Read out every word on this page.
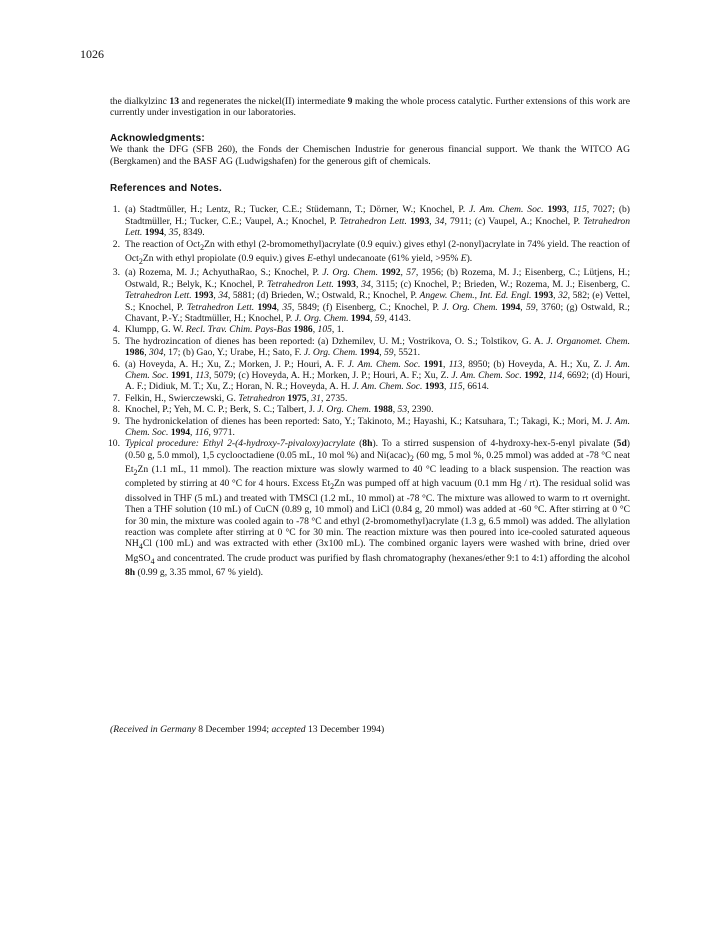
1026

the dialkylzinc 13 and regenerates the nickel(II) intermediate 9 making the whole process catalytic. Further extensions of this work are currently under investigation in our laboratories.

Acknowledgments:

We thank the DFG (SFB 260), the Fonds der Chemischen Industrie for generous financial support. We thank the WITCO AG (Bergkamen) and the BASF AG (Ludwigshafen) for the generous gift of chemicals.

References and Notes.
1. (a) Stadtmüller, H.; Lentz, R.; Tucker, C.E.; Stüdemann, T.; Dörner, W.; Knochel, P. J. Am. Chem. Soc. 1993, 115, 7027; (b) Stadtmüller, H.; Tucker, C.E.; Vaupel, A.; Knochel, P. Tetrahedron Lett. 1993, 34, 7911; (c) Vaupel, A.; Knochel, P. Tetrahedron Lett. 1994, 35, 8349.
2. The reaction of Oct$_2$Zn with ethyl (2-bromomethyl)acrylate (0.9 equiv.) gives ethyl (2-nonyl)acrylate in 74% yield. The reaction of Oct$_2$Zn with ethyl propiolate (0.9 equiv.) gives E-ethyl undecanoate (61% yield, >95% E).
3. (a) Rozema, M. J.; AchyuthaRao, S.; Knochel, P. J. Org. Chem. 1992, 57, 1956; (b) Rozema, M. J.; Eisenberg, C.; Lütjens, H.; Ostwald, R.; Belyk, K.; Knochel, P. Tetrahedron Lett. 1993, 34, 3115; (c) Knochel, P.; Brieden, W.; Rozema, M. J.; Eisenberg, C. Tetrahedron Lett. 1993, 34, 5881; (d) Brieden, W.; Ostwald, R.; Knochel, P. Angew. Chem., Int. Ed. Engl. 1993, 32, 582; (e) Vettel, S.; Knochel, P. Tetrahedron Lett. 1994, 35, 5849; (f) Eisenberg, C.; Knochel, P. J. Org. Chem. 1994, 59, 3760; (g) Ostwald, R.; Chavant, P.-Y.; Stadtmüller, H.; Knochel, P. J. Org. Chem. 1994, 59, 4143.
4. Klumpp, G. W. Recl. Trav. Chim. Pays-Bas 1986, 105, 1.
5. The hydrozincation of dienes has been reported: (a) Dzhemilev, U. M.; Vostrikova, O. S.; Tolstikov, G. A. J. Organomet. Chem. 1986, 304, 17; (b) Gao, Y.; Urabe, H.; Sato, F. J. Org. Chem. 1994, 59, 5521.
6. (a) Hoveyda, A. H.; Xu, Z.; Morken, J. P.; Houri, A. F. J. Am. Chem. Soc. 1991, 113, 8950; (b) Hoveyda, A. H.; Xu, Z. J. Am. Chem. Soc. 1991, 113, 5079; (c) Hoveyda, A. H.; Morken, J. P.; Houri, A. F.; Xu, Z. J. Am. Chem. Soc. 1992, 114, 6692; (d) Houri, A. F.; Didiuk, M. T.; Xu, Z.; Horan, N. R.; Hoveyda, A. H. J. Am. Chem. Soc. 1993, 115, 6614.
7. Felkin, H., Swierczewski, G. Tetrahedron 1975, 31, 2735.
8. Knochel, P.; Yeh, M. C. P.; Berk, S. C.; Talbert, J. J. Org. Chem. 1988, 53, 2390.
9. The hydronickelation of dienes has been reported: Sato, Y.; Takinoto, M.; Hayashi, K.; Katsuhara, T.; Takagi, K.; Mori, M. J. Am. Chem. Soc. 1994, 116, 9771.
10. Typical procedure: Ethyl 2-(4-hydroxy-7-pivaloxy)acrylate (8h). To a stirred suspension of 4-hydroxy-hex-5-enyl pivalate (5d) (0.50 g, 5.0 mmol), 1,5 cyclooctadiene (0.05 mL, 10 mol %) and $Ni(acac)_2$ (60 mg, 5 mol %, 0.25 mmol) was added at -78 °C neat $Et_2Zn$ (1.1 mL, 11 mmol). The reaction mixture was slowly warmed to 40 °C leading to a black suspension. The reaction was completed by stirring at 40 °C for 4 hours. Excess $Et_2Zn$ was pumped off at high vacuum (0.1 mm Hg / rt). The residual solid was dissolved in THF (5 mL) and treated with TMSCl (1.2 mL, 10 mmol) at -78 °C. The mixture was allowed to warm to rt overnight. Then a THF solution (10 mL) of CuCN (0.89 g, 10 mmol) and LiCl (0.84 g, 20 mmol) was added at -60 °C. After stirring at 0 °C for 30 min, the mixture was cooled again to -78 °C and ethyl (2-bromomethyl)acrylate (1.3 g, 6.5 mmol) was added. The allylation reaction was complete after stirring at 0 °C for 30 min. The reaction mixture was then poured into ice-cooled saturated aqueous $NH_4Cl$ (100 mL) and was extracted with ether (3x100 mL). The combined organic layers were washed with brine, dried over MgSO$_4$ and concentrated. The crude product was purified by flash chromatography (hexanes/ether 9:1 to 4:1) affording the alcohol 8h (0.99 g, 3.35 mmol, 67 % yield).
(Received in Germany 8 December 1994; accepted 13 December 1994)
